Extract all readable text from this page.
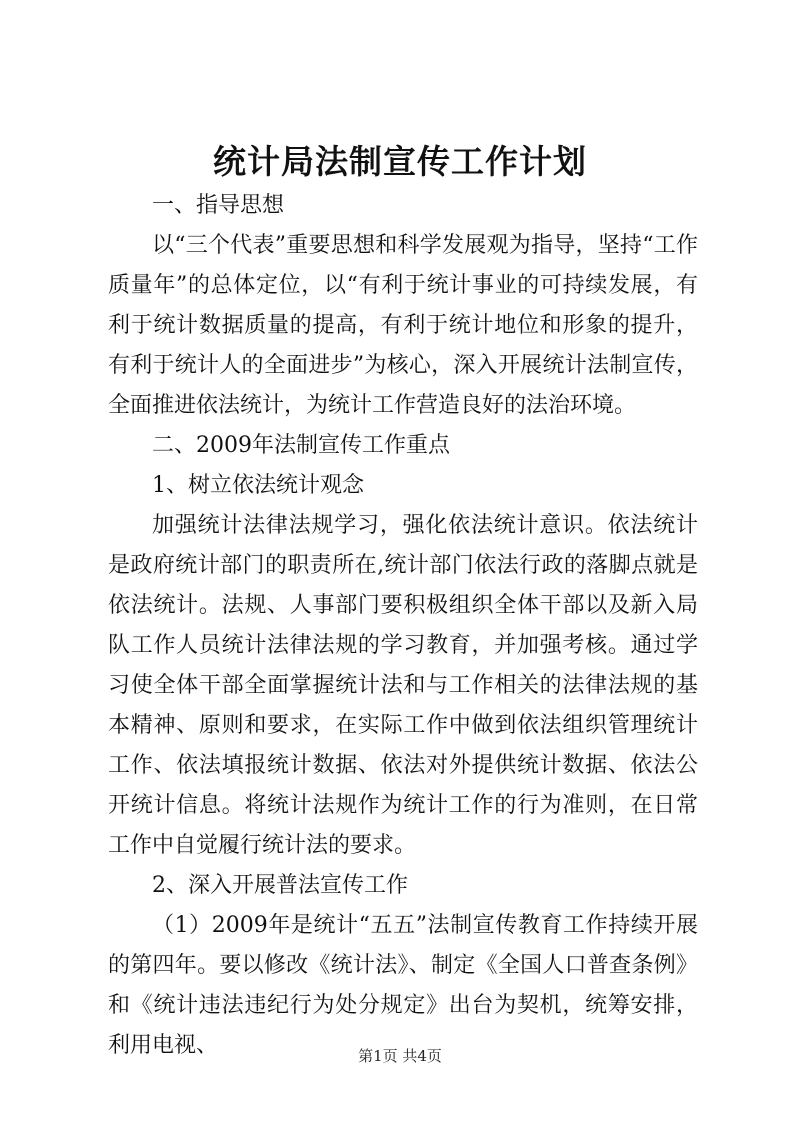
统计局法制宣传工作计划

一、指导思想

以“三个代表”重要思想和科学发展观为指导，坚持“工作质量年”的总体定位，以“有利于统计事业的可持续发展，有利于统计数据质量的提高，有利于统计地位和形象的提升，有利于统计人的全面进步”为核心，深入开展统计法制宣传，全面推进依法统计，为统计工作营造良好的法治环境。

二、2009年法制宣传工作重点

1、树立依法统计观念

加强统计法律法规学习，强化依法统计意识。依法统计是政府统计部门的职责所在,统计部门依法行政的落脚点就是依法统计。法规、人事部门要积极组织全体干部以及新入局队工作人员统计法律法规的学习教育，并加强考核。通过学习使全体干部全面掌握统计法和与工作相关的法律法规的基本精神、原则和要求，在实际工作中做到依法组织管理统计工作、依法填报统计数据、依法对外提供统计数据、依法公开统计信息。将统计法规作为统计工作的行为准则，在日常工作中自觉履行统计法的要求。

2、深入开展普法宣传工作

（1）2009年是统计“五五”法制宣传教育工作持续开展的第四年。要以修改《统计法》、制定《全国人口普查条例》和《统计违法违纪行为处分规定》出台为契机，统筹安排，利用电视、	第1页 共4页
